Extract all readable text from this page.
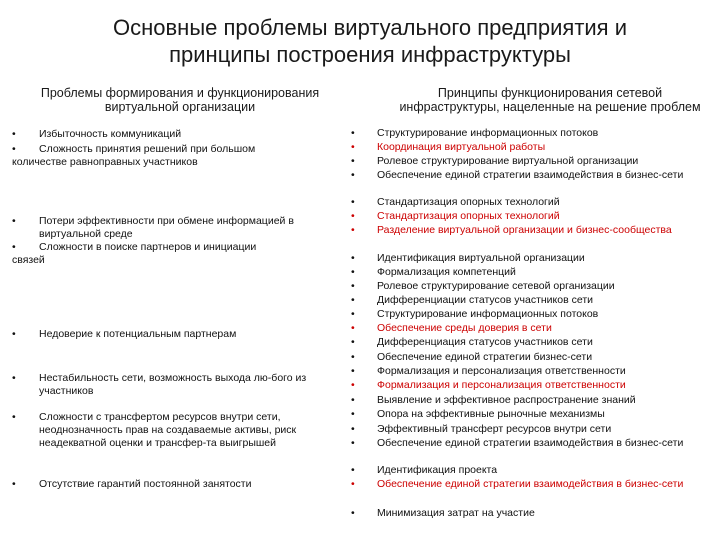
Основные проблемы виртуального предприятия и
принципы построения инфраструктуры
Проблемы формирования и функционирования виртуальной организации
Принципы функционирования сетевой инфраструктуры, нацеленные на решение проблем
•	Избыточность коммуникаций
•	Сложность принятия решений при большом
количестве равноправных участников
•	Потери эффективности при обмене информацией в виртуальной среде
•	Сложности в поиске партнеров и инициации
связей
•	Недоверие к потенциальным партнерам
•	Нестабильность сети, возможность выхода лю-бого из участников
•	Сложности с трансфертом ресурсов внутри сети, неоднозначность прав на создаваемые активы, риск неадекватной оценки и трансфер-та выигрышей
•	Отсутствие гарантий постоянной занятости
• Структурирование информационных потоков
• Координация виртуальной работы
• Ролевое структурирование виртуальной организации
• Обеспечение единой стратегии взаимодействия в бизнес-сети
• Стандартизация опорных технологий
• Стандартизация опорных технологий
• Разделение виртуальной организации и бизнес-сообщества
• Идентификация виртуальной организации
• Формализация компетенций
• Ролевое структурирование сетевой организации
• Дифференциации статусов участников сети
• Структурирование информационных потоков
• Обеспечение среды доверия в сети
• Дифференциация статусов участников сети
• Обеспечение единой стратегии бизнес-сети
• Формализация и персонализация ответственности
• Формализация и персонализация ответственности
• Выявление и эффективное распространение знаний
• Опора на эффективные рыночные механизмы
• Эффективный трансферт ресурсов внутри сети
• Обеспечение единой стратегии взаимодействия в бизнес-сети
• Идентификация проекта
• Обеспечение единой стратегии взаимодействия в бизнес-сети
• Минимизация затрат на участие
